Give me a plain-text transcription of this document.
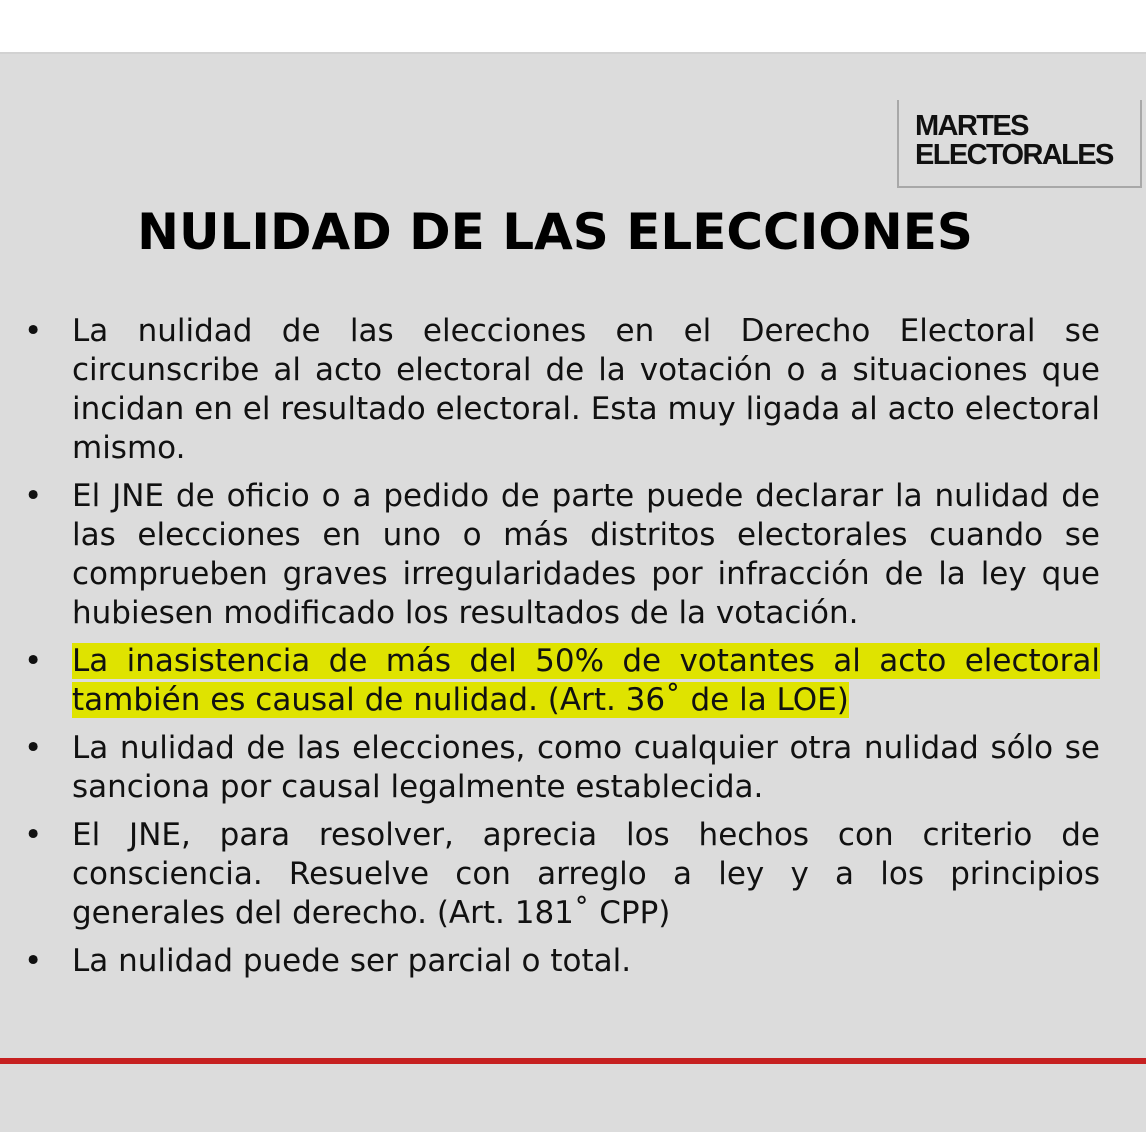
MARTES
ELECTORALES
NULIDAD DE LAS ELECCIONES
• La nulidad de las elecciones en el Derecho Electoral se circunscribe al acto electoral de la votación o a situaciones que incidan en el resultado electoral. Esta muy ligada al acto electoral mismo.
• El JNE de oficio o a pedido de parte puede declarar la nulidad de las elecciones en uno o más distritos electorales cuando se comprueben graves irregularidades por infracción de la ley que hubiesen modificado los resultados de la votación.
• La inasistencia de más del 50% de votantes al acto electoral también es causal de nulidad. (Art. 36˚ de la LOE)
• La nulidad de las elecciones, como cualquier otra nulidad sólo se sanciona por causal legalmente establecida.
• El JNE, para resolver, aprecia los hechos con criterio de consciencia. Resuelve con arreglo a ley y a los principios generales del derecho. (Art. 181˚ CPP)
• La nulidad puede ser parcial o total.
